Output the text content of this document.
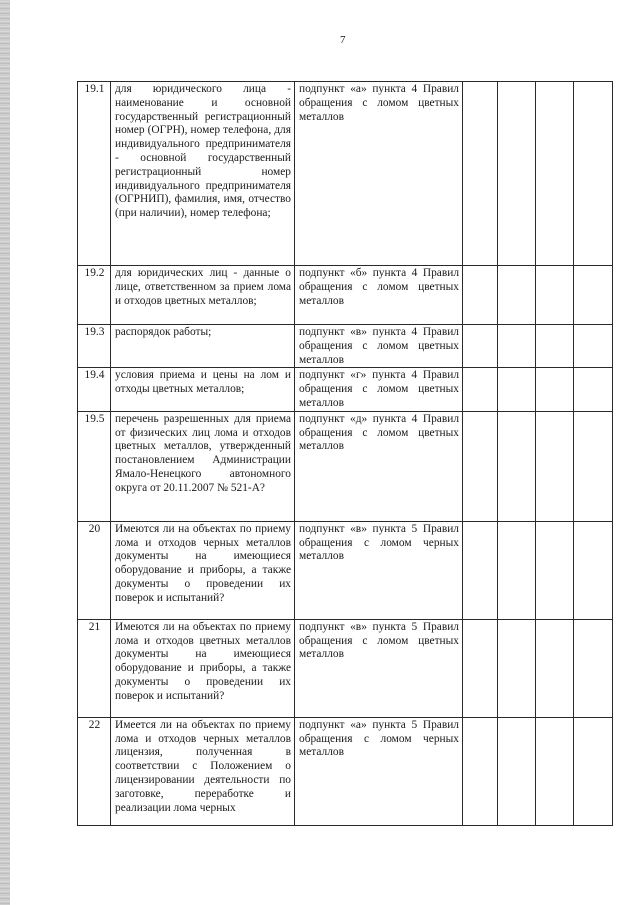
7
19.1	для юридического лица - наименование и основной государственный регистрационный номер (ОГРН), номер телефона, для индивидуального предпринимателя - основной государственный регистрационный номер индивидуального предпринимателя (ОГРНИП), фамилия, имя, отчество (при наличии), номер телефона;	подпункт «а» пункта 4 Правил обращения с ломом цветных металлов				
19.2	для юридических лиц - данные о лице, ответственном за прием лома и отходов цветных металлов;	подпункт «б» пункта 4 Правил обращения с ломом цветных металлов				
19.3	распорядок работы;	подпункт «в» пункта 4 Правил обращения с ломом цветных металлов				
19.4	условия приема и цены на лом и отходы цветных металлов;	подпункт «г» пункта 4 Правил обращения с ломом цветных металлов				
19.5	перечень разрешенных для приема от физических лиц лома и отходов цветных металлов, утвержденный постановлением Администрации Ямало-Ненецкого автономного округа от 20.11.2007 № 521-А?	подпункт «д» пункта 4 Правил обращения с ломом цветных металлов				
20	Имеются ли на объектах по приему лома и отходов черных металлов документы на имеющиеся оборудование и приборы, а также документы о проведении их поверок и испытаний?	подпункт «в» пункта 5 Правил обращения с ломом черных металлов				
21	Имеются ли на объектах по приему лома и отходов цветных металлов документы на имеющиеся оборудование и приборы, а также документы о проведении их поверок и испытаний?	подпункт «в» пункта 5 Правил обращения с ломом цветных металлов				
22	Имеется ли на объектах по приему лома и отходов черных металлов лицензия, полученная в соответствии с Положением о лицензировании деятельности по заготовке, переработке и реализации лома черных	подпункт «а» пункта 5 Правил обращения с ломом черных металлов				
